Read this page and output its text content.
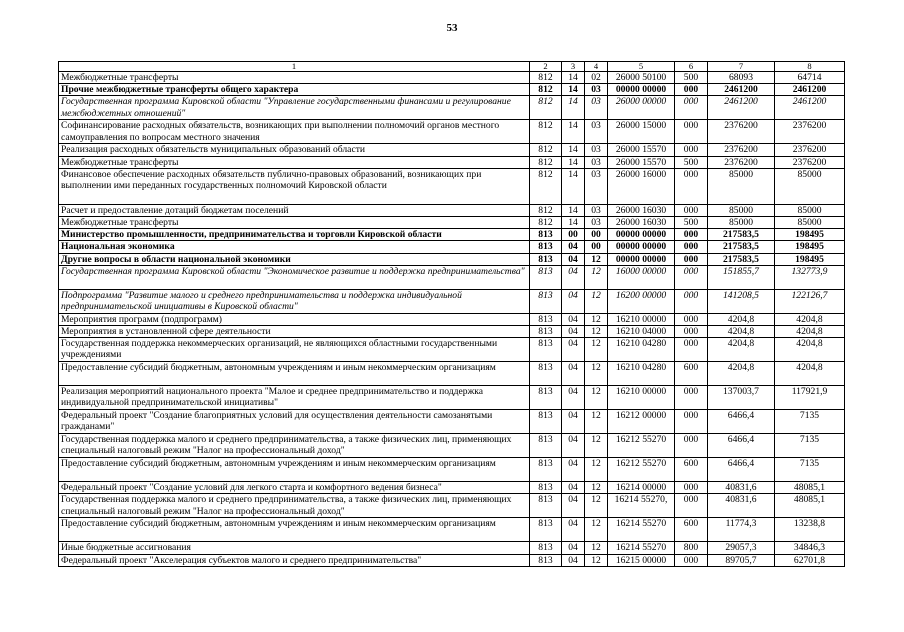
53
1	2	3	4	5	6	7	8
Межбюджетные трансферты	812	14	02	26000 50100	500	68093	64714
Прочие межбюджетные трансферты общего характера	812	14	03	00000 00000	000	2461200	2461200
Государственная программа Кировской области "Управление государственными финансами и регулирование межбюджетных отношений"	812	14	03	26000 00000	000	2461200	2461200
Софинансирование расходных обязательств, возникающих при выполнении полномочий органов местного самоуправления по вопросам местного значения	812	14	03	26000 15000	000	2376200	2376200
Реализация расходных обязательств муниципальных образований области	812	14	03	26000 15570	000	2376200	2376200
Межбюджетные трансферты	812	14	03	26000 15570	500	2376200	2376200
Финансовое обеспечение расходных обязательств публично-правовых образований, возникающих при выполнении ими переданных государственных полномочий Кировской области	812	14	03	26000 16000	000	85000	85000
Расчет и предоставление дотаций бюджетам поселений	812	14	03	26000 16030	000	85000	85000
Межбюджетные трансферты	812	14	03	26000 16030	500	85000	85000
Министерство промышленности, предпринимательства и торговли Кировской области	813	00	00	00000 00000	000	217583,5	198495
Национальная экономика	813	04	00	00000 00000	000	217583,5	198495
Другие вопросы в области национальной экономики	813	04	12	00000 00000	000	217583,5	198495
Государственная программа Кировской области "Экономическое развитие и поддержка предпринимательства"	813	04	12	16000 00000	000	151855,7	132773,9
Подпрограмма "Развитие малого и среднего предпринимательства и поддержка индивидуальной предпринимательской инициативы в Кировской области"	813	04	12	16200 00000	000	141208,5	122126,7
Мероприятия программ (подпрограмм)	813	04	12	16210 00000	000	4204,8	4204,8
Мероприятия в установленной сфере деятельности	813	04	12	16210 04000	000	4204,8	4204,8
Государственная поддержка некоммерческих организаций, не являющихся областными государственными учреждениями	813	04	12	16210 04280	000	4204,8	4204,8
Предоставление субсидий бюджетным, автономным учреждениям и иным некоммерческим организациям	813	04	12	16210 04280	600	4204,8	4204,8
Реализация мероприятий национального проекта "Малое и среднее предпринимательство и поддержка индивидуальной предпринимательской инициативы"	813	04	12	16210 00000	000	137003,7	117921,9
Федеральный проект "Создание благоприятных условий для осуществления деятельности самозанятыми гражданами"	813	04	12	16212 00000	000	6466,4	7135
Государственная поддержка малого и среднего предпринимательства, а также физических лиц, применяющих специальный налоговый режим "Налог на профессиональный доход"	813	04	12	16212 55270	000	6466,4	7135
Предоставление субсидий бюджетным, автономным учреждениям и иным некоммерческим организациям	813	04	12	16212 55270	600	6466,4	7135
Федеральный проект "Создание условий для легкого старта и комфортного ведения бизнеса"	813	04	12	16214 00000	000	40831,6	48085,1
Государственная поддержка малого и среднего предпринимательства, а также физических лиц, применяющих специальный налоговый режим "Налог на профессиональный доход"	813	04	12	16214 55270,	000	40831,6	48085,1
Предоставление субсидий бюджетным, автономным учреждениям и иным некоммерческим организациям	813	04	12	16214 55270	600	11774,3	13238,8
Иные бюджетные ассигнования	813	04	12	16214 55270	800	29057,3	34846,3
Федеральный проект "Акселерация субъектов малого и среднего предпринимательства"	813	04	12	16215 00000	000	89705,7	62701,8
